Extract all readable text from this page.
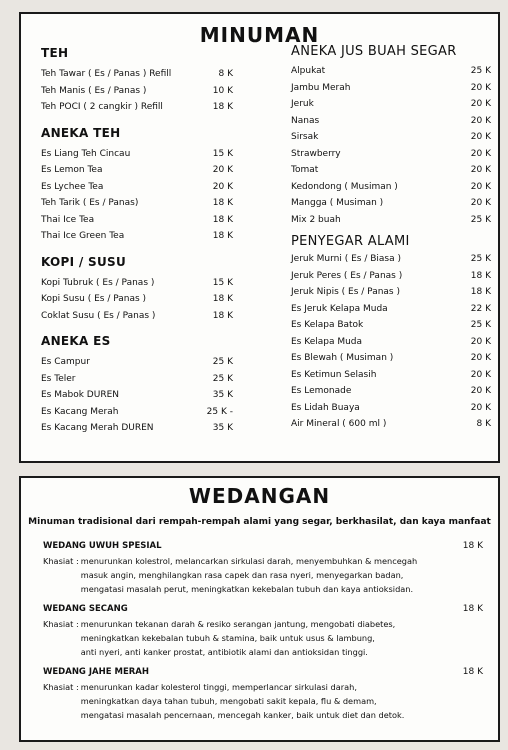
MINUMAN
TEH
Teh Tawar ( Es / Panas ) Refill	8 K
Teh Manis ( Es / Panas )	10 K
Teh POCI ( 2 cangkir ) Refill	18 K
ANEKA TEH
Es Liang Teh Cincau	15 K
Es Lemon Tea	20 K
Es Lychee Tea	20 K
Teh Tarik ( Es / Panas)	18 K
Thai Ice Tea	18 K
Thai Ice Green Tea	18 K
KOPI / SUSU
Kopi Tubruk ( Es / Panas )	15 K
Kopi Susu ( Es / Panas )	18 K
Coklat Susu ( Es / Panas )	18 K
ANEKA ES
Es Campur	25 K
Es Teler	25 K
Es Mabok DUREN	35 K
Es Kacang Merah	25 K -
Es Kacang Merah DUREN	35 K
ANEKA JUS BUAH SEGAR
Alpukat	25 K
Jambu Merah	20 K
Jeruk	20 K
Nanas	20 K
Sirsak	20 K
Strawberry	20 K
Tomat	20 K
Kedondong ( Musiman )	20 K
Mangga ( Musiman )	20 K
Mix 2 buah	25 K
PENYEGAR ALAMI
Jeruk Murni ( Es / Biasa )	25 K
Jeruk Peres ( Es / Panas )	18 K
Jeruk Nipis ( Es / Panas )	18 K
Es Jeruk Kelapa Muda	22 K
Es Kelapa Batok	25 K
Es Kelapa Muda	20 K
Es Blewah ( Musiman )	20 K
Es Ketimun Selasih	20 K
Es Lemonade	20 K
Es Lidah Buaya	20 K
Air Mineral ( 600 ml )	8 K
WEDANGAN
Minuman tradisional dari rempah-rempah alami yang segar, berkhasilat, dan kaya manfaat
WEDANG UWUH SPESIAL	18 K
Khasiat : menurunkan kolestrol, melancarkan sirkulasi darah, menyembuhkan & mencegah
masuk angin, menghilangkan rasa capek dan rasa nyeri, menyegarkan badan,
mengatasi masalah perut, meningkatkan kekebalan tubuh dan kaya antioksidan.
WEDANG SECANG	18 K
Khasiat : menurunkan tekanan darah & resiko serangan jantung, mengobati diabetes,
meningkatkan kekebalan tubuh & stamina, baik untuk usus & lambung,
anti nyeri, anti kanker prostat, antibiotik alami dan antioksidan tinggi.
WEDANG JAHE MERAH	18 K
Khasiat : menurunkan kadar kolesterol tinggi, memperlancar sirkulasi darah,
meningkatkan daya tahan tubuh, mengobati sakit kepala, flu & demam,
mengatasi masalah pencernaan, mencegah kanker, baik untuk diet dan detok.
